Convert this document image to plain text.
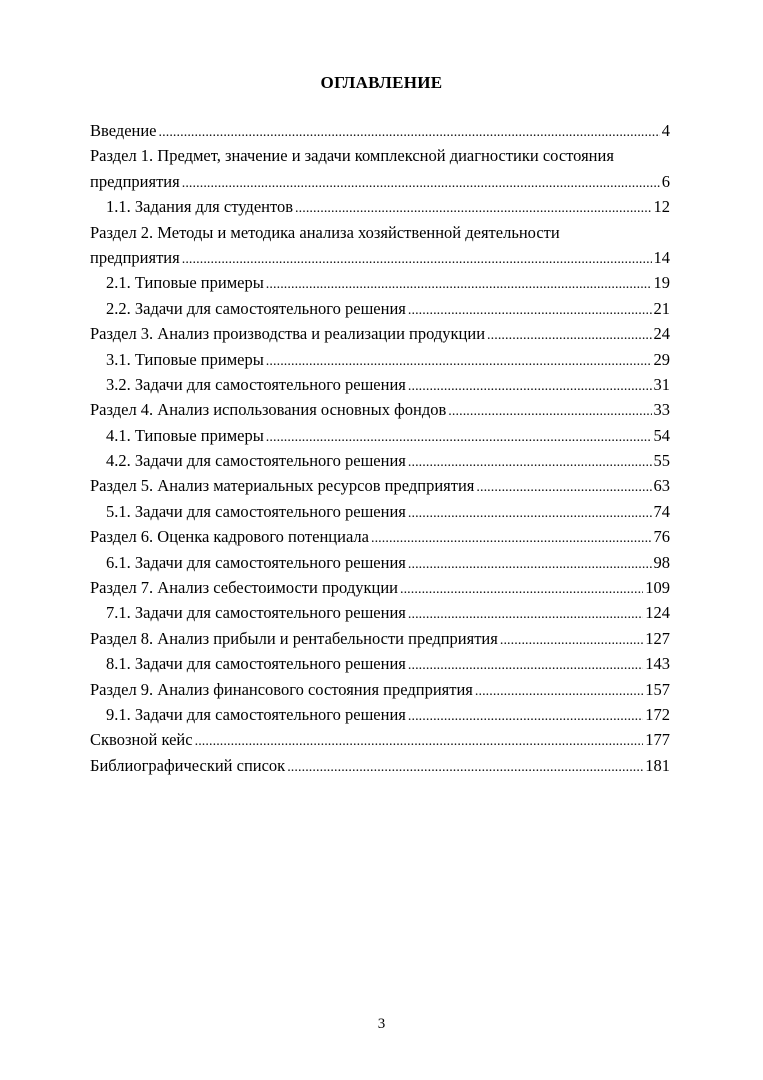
ОГЛАВЛЕНИЕ
Введение . . .	4
Раздел 1. Предмет, значение и задачи комплексной диагностики состояния
предприятия . . .	6
1.1. Задания для студентов . . .	12
Раздел 2. Методы и методика анализа хозяйственной деятельности
предприятия . . .	14
2.1. Типовые примеры . . .	19
2.2. Задачи для самостоятельного решения . . .	21
Раздел 3. Анализ производства и реализации продукции . . .	24
3.1. Типовые примеры . . .	29
3.2. Задачи для самостоятельного решения . . .	31
Раздел 4. Анализ использования основных фондов . . .	33
4.1. Типовые примеры . . .	54
4.2. Задачи для самостоятельного решения . . .	55
Раздел 5. Анализ материальных ресурсов предприятия . . .	63
5.1. Задачи для самостоятельного решения . . .	74
Раздел 6. Оценка кадрового потенциала . . .	76
6.1. Задачи для самостоятельного решения . . .	98
Раздел 7. Анализ себестоимости продукции . . .	109
7.1. Задачи для самостоятельного решения . . .	124
Раздел 8. Анализ прибыли и рентабельности предприятия . . .	127
8.1. Задачи для самостоятельного решения . . .	143
Раздел 9. Анализ финансового состояния предприятия . . .	157
9.1. Задачи для самостоятельного решения . . .	172
Сквозной кейс . . .	177
Библиографический список . . .	181

3
